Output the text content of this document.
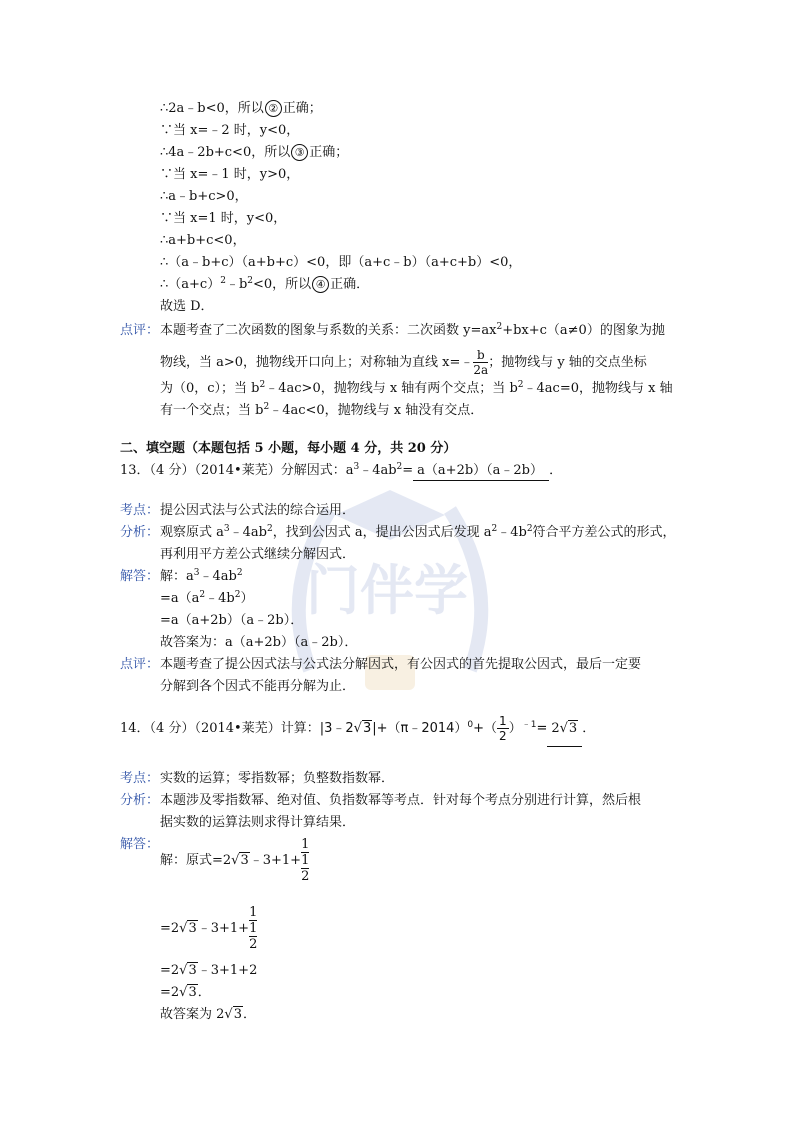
门伴学
∴2a﹣b<0，所以 ② 正确；
∵当 x=﹣2 时，y<0，
∴4a﹣2b+c<0，所以 ③ 正确；
∵当 x=﹣1 时，y>0，
∴a﹣b+c>0，
∵当 x=1 时，y<0，
∴a+b+c<0，
∴（a﹣b+c）（a+b+c）<0，即（a+c﹣b）（a+c+b）<0，
$\therefore(a+c)^2﹣b^2<0$，所以 ④ 正确．
故选 D．
点评： 本题考查了二次函数的图象与系数的关系：二次函数 $y=ax^2+bx+c(a\ne 0)$的图象为抛
物线，当 a>0，抛物线开口向上；对称轴为直线 x=﹣ $\frac{b}{2a}$ ；抛物线与 y 轴的交点坐标
为（0，c）；当 $b^2﹣4ac>0$，抛物线与 x 轴有两个交点；当 $b^2﹣4ac=0$，抛物线与 x 轴
有一个交点；当 $b^2﹣4ac<0$，抛物线与 x 轴没有交点．
二、填空题（本题包括 5 小题，每小题 4 分，共 20 分）
13．（4 分）（2014•莱芜）分解因式：$a^3﹣4ab^2=$ a（a+2b）（a﹣2b） ．
考点： 提公因式法与公式法的综合运用．
分析： 观察原式 $a^3﹣4ab^2$，找到公因式 a，提出公因式后发现 $a^2﹣4b^2$符合平方差公式的形式，
再利用平方差公式继续分解因式．
解答： 解：$a^3﹣4ab^2$
$=a(a^2﹣4b^2)$
=a（a+2b）（a﹣2b）．
故答案为：a（a+2b）（a﹣2b）．
点评： 本题考查了提公因式法与公式法分解因式，有公因式的首先提取公因式，最后一定要
分解到各个因式不能再分解为止．
14．（4 分）（2014•莱芜）计算：|3﹣2√3|+（π﹣2014）$^0$+（ $\frac{1}{2} )^{﹣1}= 2√3$ ．
考点： 实数的运算；零指数幂；负整数指数幂．
分析： 本题涉及零指数幂、绝对值、负指数幂等考点．针对每个考点分别进行计算，然后根
据实数的运算法则求得计算结果．
解答：
解：原式=2√3﹣3+1+
1
1
2
=2√3﹣3+1+
1
1
2
=2√3﹣3+1+2
=2√3．
故答案为 2√3．
